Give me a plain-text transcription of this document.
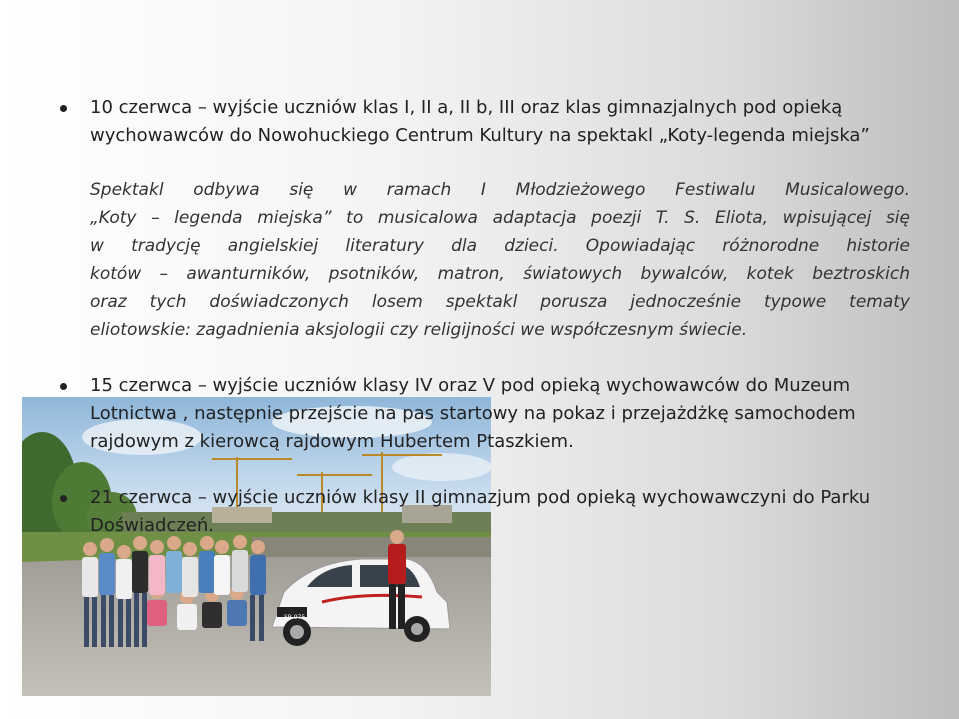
SB 975
10 czerwca – wyjście uczniów klas I, II a, II b, III oraz klas gimnazjalnych pod opieką
wychowawców do Nowohuckiego Centrum Kultury na spektakl „Koty-legenda miejska”
Spektakl odbywa się w ramach I Młodzieżowego Festiwalu Musicalowego.
„Koty – legenda miejska” to musicalowa adaptacja poezji T. S. Eliota, wpisującej się
w tradycję angielskiej literatury dla dzieci. Opowiadając różnorodne historie
kotów – awanturników, psotników, matron, światowych bywalców, kotek beztroskich
oraz tych doświadczonych losem spektakl porusza jednocześnie typowe tematy
eliotowskie: zagadnienia aksjologii czy religijności we współczesnym świecie.
15 czerwca – wyjście uczniów klasy IV oraz V pod opieką wychowawców do Muzeum
Lotnictwa , następnie przejście na pas startowy na pokaz i przejażdżkę samochodem
rajdowym z kierowcą rajdowym Hubertem Ptaszkiem.
21 czerwca – wyjście uczniów klasy II gimnazjum pod opieką wychowawczyni do Parku
Doświadczeń.
